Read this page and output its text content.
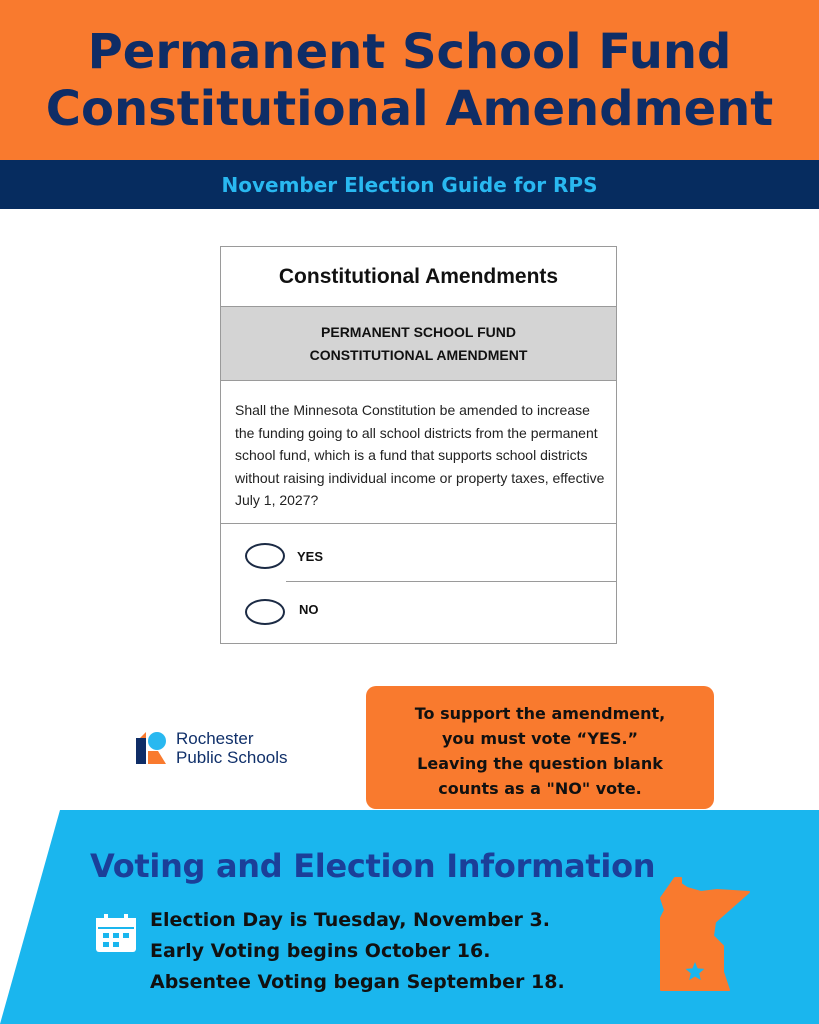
Permanent School Fund
Constitutional Amendment
November Election Guide for RPS
Constitutional Amendments
PERMANENT SCHOOL FUND
CONSTITUTIONAL AMENDMENT
Shall the Minnesota Constitution be amended to increase the funding going to all school districts from the permanent school fund, which is a fund that supports school districts without raising individual income or property taxes, effective July 1, 2027?
YES
NO
Rochester
Public Schools
To support the amendment,
you must vote “YES.”
Leaving the question blank
counts as a "NO" vote.
Voting and Election Information
Election Day is Tuesday, November 3.
Early Voting begins October 16.
Absentee Voting began September 18.
